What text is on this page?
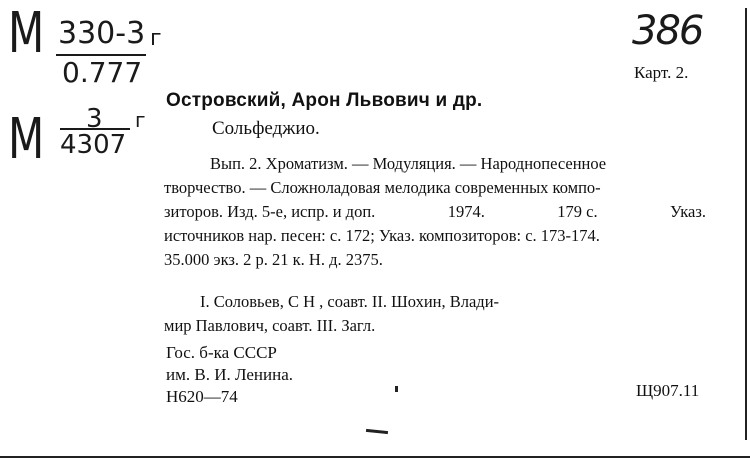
М 330-3
0.777
г
М 3
4307
г
386
Карт. 2.
Островский, Арон Львович и др.
Сольфеджио.
Вып. 2. Хроматизм. — Модуляция. — Народнопесенное
творчество. — Сложноладовая мелодика современных компо-
зиторов. Изд. 5-е, испр. и доп.	1974.	179 с.	Указ.
источников нар. песен: с. 172; Указ. композиторов: с. 173-174.
35.000 экз. 2 р. 21 к. Н. д. 2375.
I. Соловьев, С Н , соавт. II. Шохин, Влади-
мир Павлович, соавт. III. Загл.
Гос. б-ка СССР
им. В. И. Ленина.
Н620—74	Щ907.11
